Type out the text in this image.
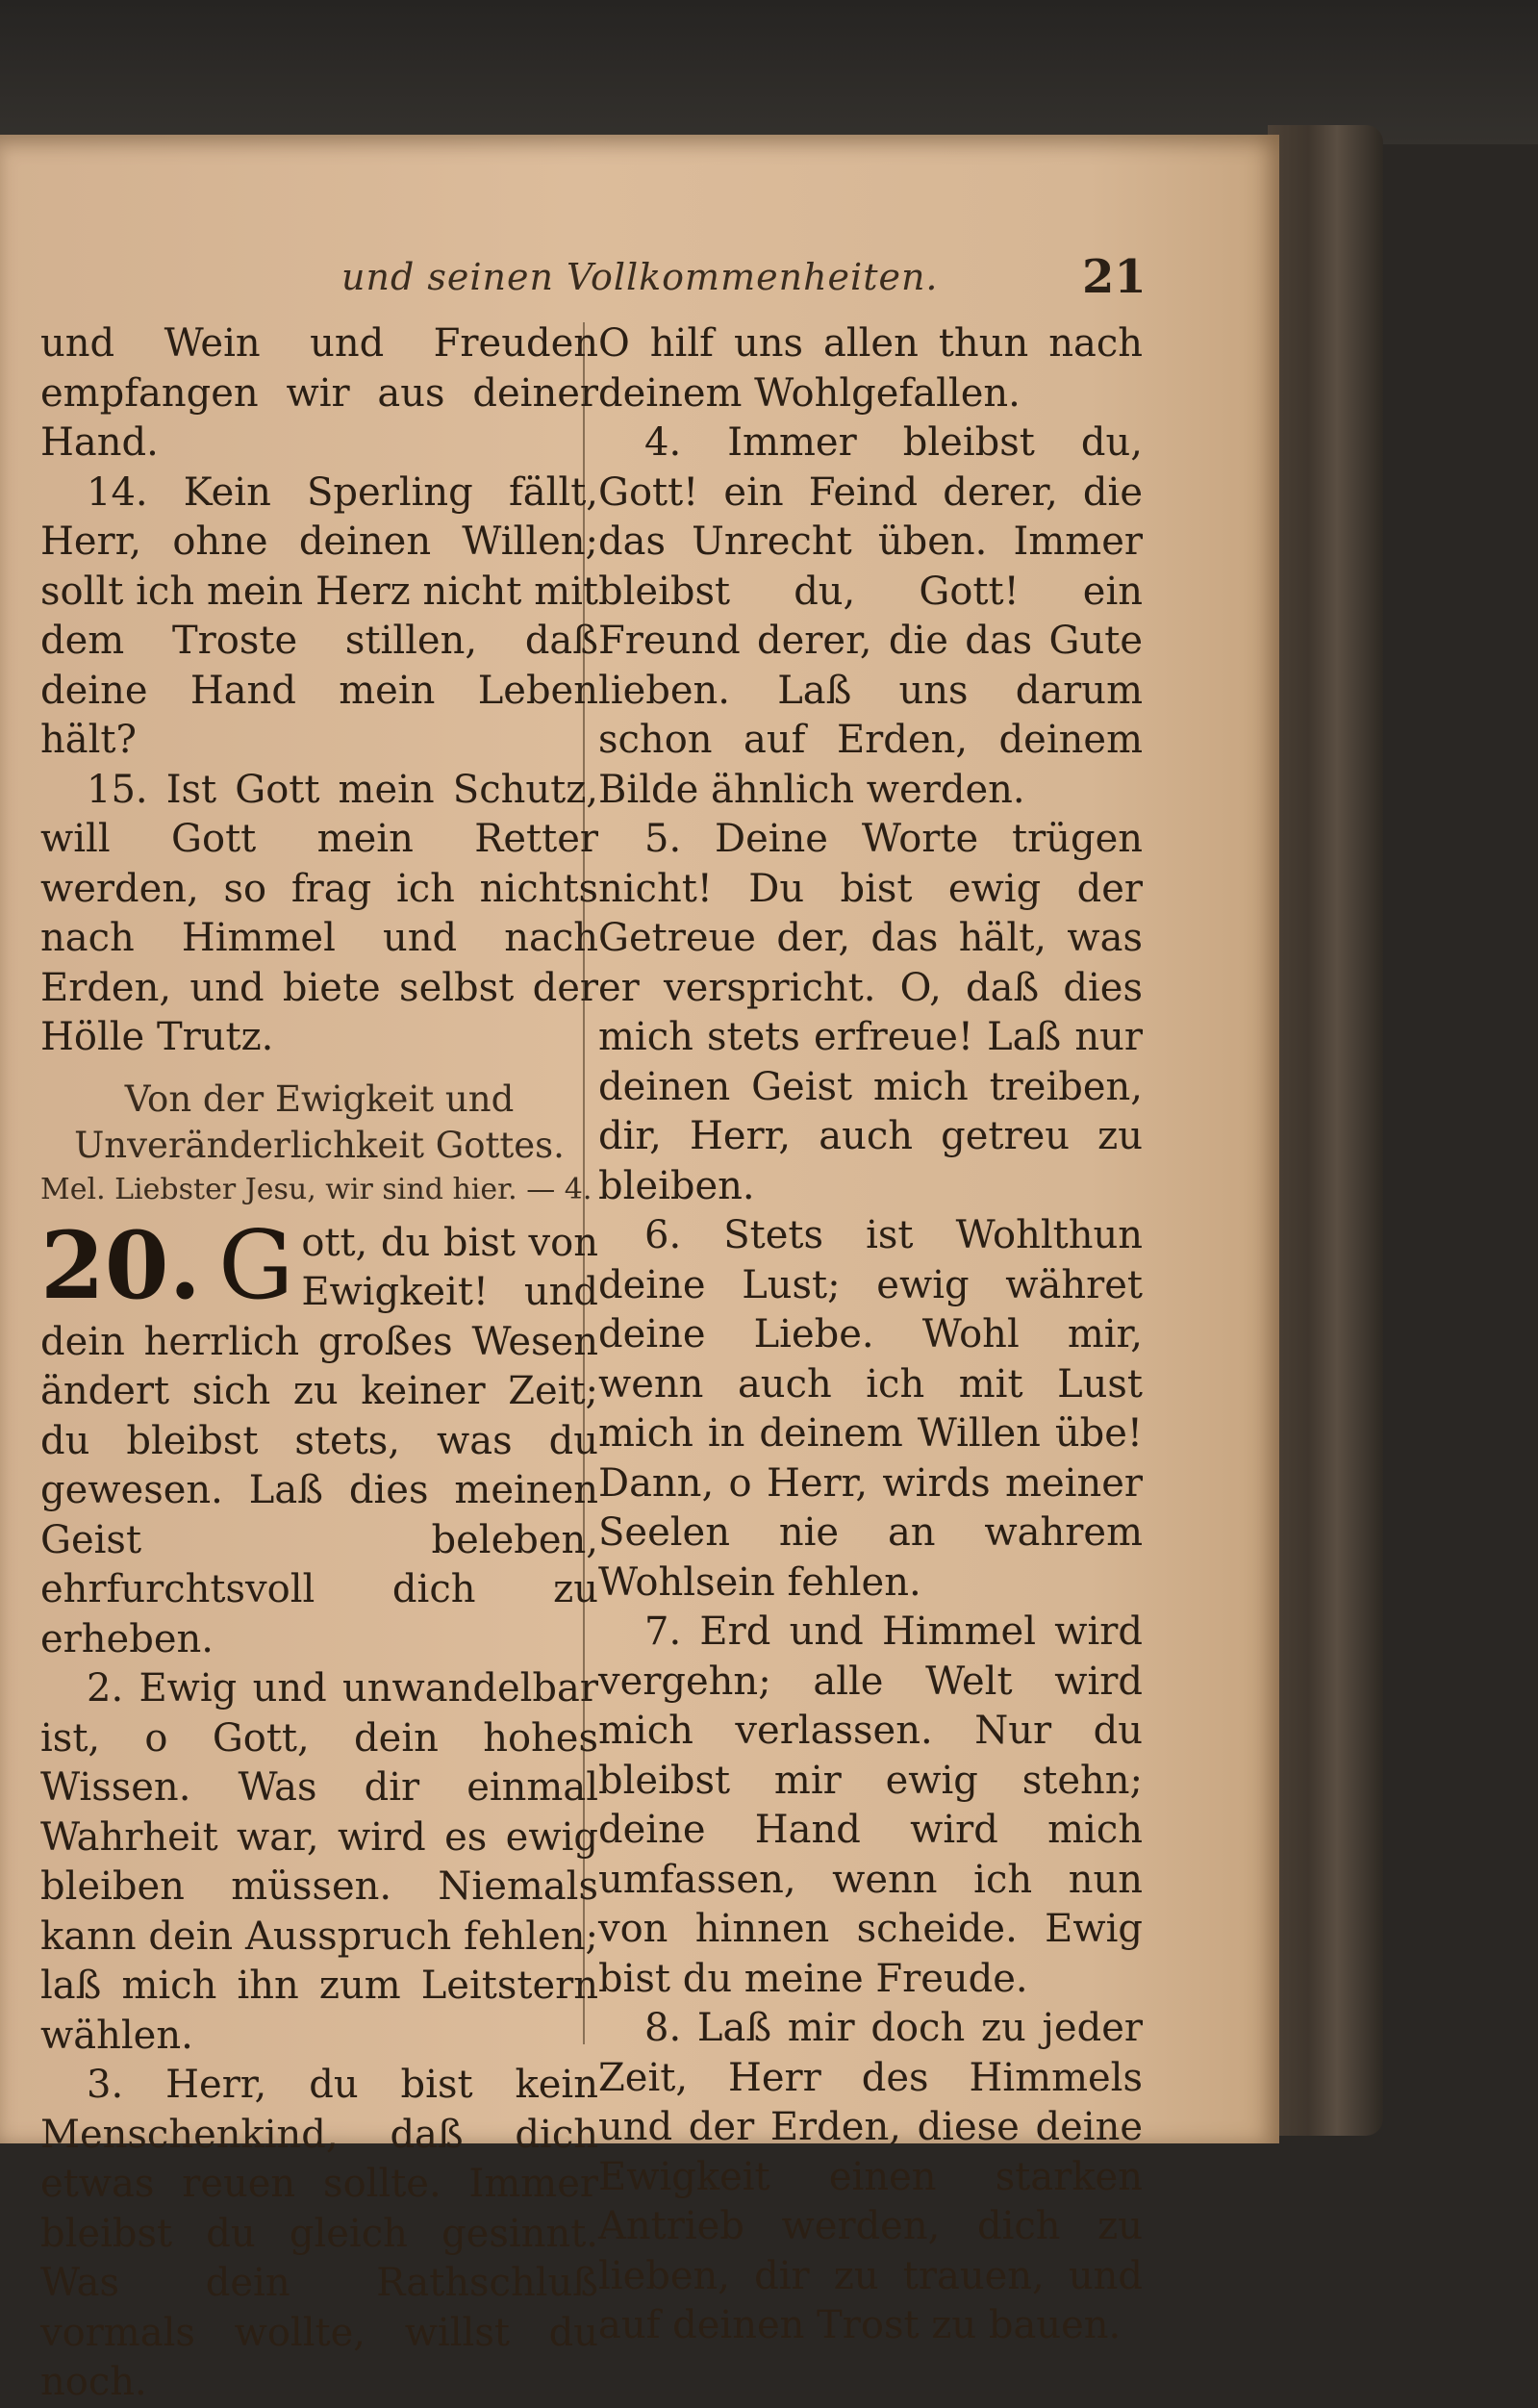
und seinen Vollkommenheiten.	21

und Wein und Freuden empfangen wir aus deiner Hand.

14. Kein Sperling fällt, Herr, ohne deinen Willen; sollt ich mein Herz nicht mit dem Troste stillen, daß deine Hand mein Leben hält?

15. Ist Gott mein Schutz, will Gott mein Retter werden, so frag ich nichts nach Himmel und nach Erden, und biete selbst der Hölle Trutz.

Von der Ewigkeit und Unveränderlichkeit Gottes.

Mel. Liebster Jesu, wir sind hier. — 4.

20. G ott, du bist von Ewigkeit! und dein herrlich großes Wesen ändert sich zu keiner Zeit; du bleibst stets, was du gewesen. Laß dies meinen Geist beleben, ehrfurchtsvoll dich zu erheben.

2. Ewig und unwandelbar ist, o Gott, dein hohes Wissen. Was dir einmal Wahrheit war, wird es ewig bleiben müssen. Niemals kann dein Ausspruch fehlen; laß mich ihn zum Leitstern wählen.

3. Herr, du bist kein Menschenkind, daß dich etwas reuen sollte. Immer bleibst du gleich gesinnt. Was dein Rathschluß vormals wollte, willst du noch.

O hilf uns allen thun nach deinem Wohlgefallen.

4. Immer bleibst du, Gott! ein Feind derer, die das Unrecht üben. Immer bleibst du, Gott! ein Freund derer, die das Gute lieben. Laß uns darum schon auf Erden, deinem Bilde ähnlich werden.

5. Deine Worte trügen nicht! Du bist ewig der Getreue der, das hält, was er verspricht. O, daß dies mich stets erfreue! Laß nur deinen Geist mich treiben, dir, Herr, auch getreu zu bleiben.

6. Stets ist Wohlthun deine Lust; ewig währet deine Liebe. Wohl mir, wenn auch ich mit Lust mich in deinem Willen übe! Dann, o Herr, wirds meiner Seelen nie an wahrem Wohlsein fehlen.

7. Erd und Himmel wird vergehn; alle Welt wird mich verlassen. Nur du bleibst mir ewig stehn; deine Hand wird mich umfassen, wenn ich nun von hinnen scheide. Ewig bist du meine Freude.

8. Laß mir doch zu jeder Zeit, Herr des Himmels und der Erden, diese deine Ewigkeit einen starken Antrieb werden, dich zu lieben, dir zu trauen, und auf deinen Trost zu bauen.
